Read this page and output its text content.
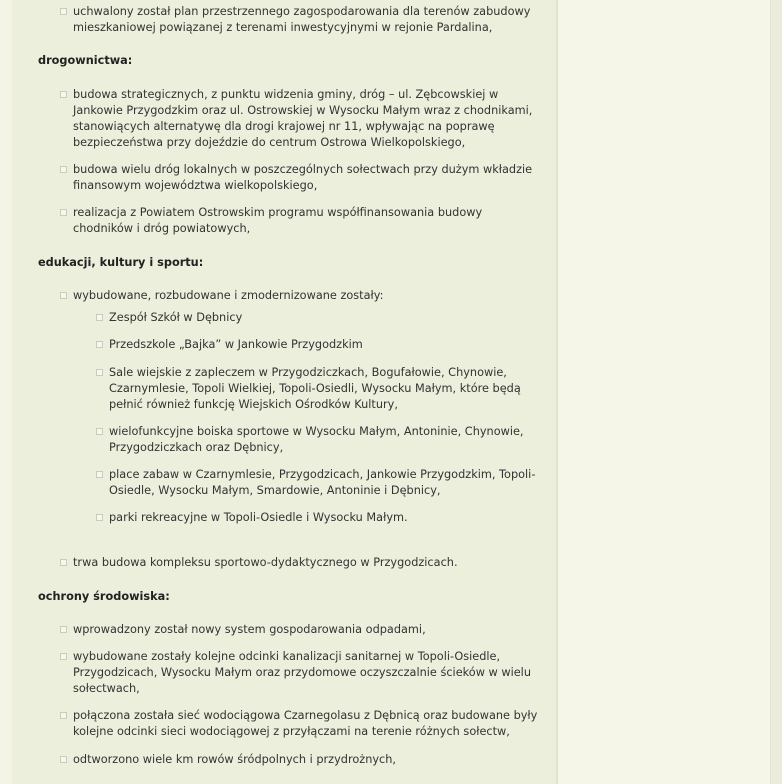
uchwalony został plan przestrzennego zagospodarowania dla terenów zabudowy mieszkaniowej powiązanej z terenami inwestycyjnymi w rejonie Pardalina,
drogownictwa:
budowa strategicznych, z punktu widzenia gminy, dróg – ul. Zębcowskiej w Jankowie Przygodzkim oraz ul. Ostrowskiej w Wysocku Małym wraz z chodnikami, stanowiących alternatywę dla drogi krajowej nr 11, wpływając na poprawę bezpieczeństwa przy dojeździe do centrum Ostrowa Wielkopolskiego,
budowa wielu dróg lokalnych w poszczególnych sołectwach przy dużym wkładzie finansowym województwa wielkopolskiego,
realizacja z Powiatem Ostrowskim programu współfinansowania budowy chodników i dróg powiatowych,
edukacji, kultury i sportu:
wybudowane, rozbudowane i zmodernizowane zostały:
Zespół Szkół w Dębnicy
Przedszkole „Bajka” w Jankowie Przygodzkim
Sale wiejskie z zapleczem w Przygodziczkach, Bogufałowie, Chynowie, Czarnymlesie, Topoli Wielkiej, Topoli-Osiedli, Wysocku Małym, które będą pełnić również funkcję Wiejskich Ośrodków Kultury,
wielofunkcyjne boiska sportowe w Wysocku Małym, Antoninie, Chynowie, Przygodziczkach oraz Dębnicy,
place zabaw w Czarnymlesie, Przygodzicach, Jankowie Przygodzkim, Topoli-Osiedle, Wysocku Małym, Smardowie, Antoninie i Dębnicy,
parki rekreacyjne w Topoli-Osiedle i Wysocku Małym.
trwa budowa kompleksu sportowo-dydaktycznego w Przygodzicach.
ochrony środowiska:
wprowadzony został nowy system gospodarowania odpadami,
wybudowane zostały kolejne odcinki kanalizacji sanitarnej w Topoli-Osiedle, Przygodzicach, Wysocku Małym oraz przydomowe oczyszczalnie ścieków w wielu sołectwach,
połączona została sieć wodociągowa Czarnegolasu z Dębnicą oraz budowane były kolejne odcinki sieci wodociągowej z przyłączami na terenie różnych sołectw,
odtworzono wiele km rowów śródpolnych i przydrożnych,
